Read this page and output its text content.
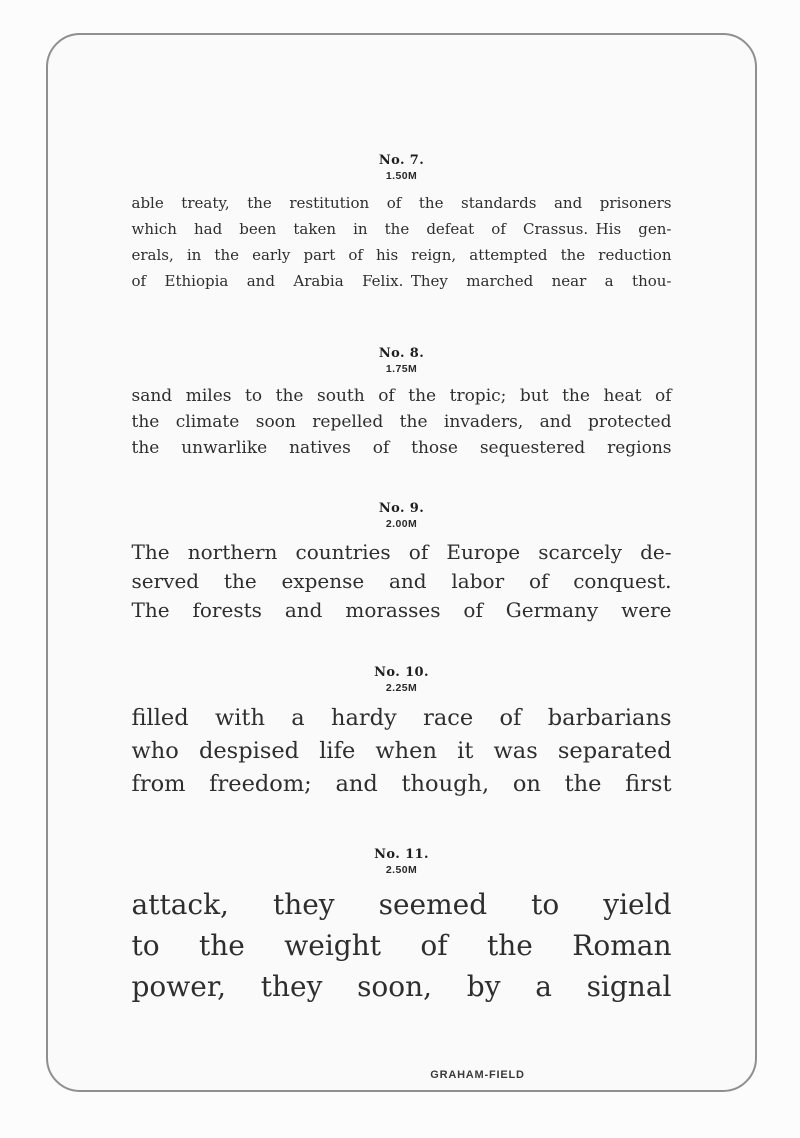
No. 7.
1.50M
able treaty, the restitution of the standards and prisoners
which had been taken in the defeat of Crassus. His gen-
erals, in the early part of his reign, attempted the reduction
of Ethiopia and Arabia Felix. They marched near a thou-
No. 8.
1.75M
sand miles to the south of the tropic; but the heat of
the climate soon repelled the invaders, and protected
the unwarlike natives of those sequestered regions
No. 9.
2.00M
The northern countries of Europe scarcely de-
served the expense and labor of conquest.
The forests and morasses of Germany were
No. 10.
2.25M
filled with a hardy race of barbarians
who despised life when it was separated
from freedom; and though, on the first
No. 11.
2.50M
attack, they seemed to yield
to the weight of the Roman
power, they soon, by a signal
GRAHAM-FIELD
